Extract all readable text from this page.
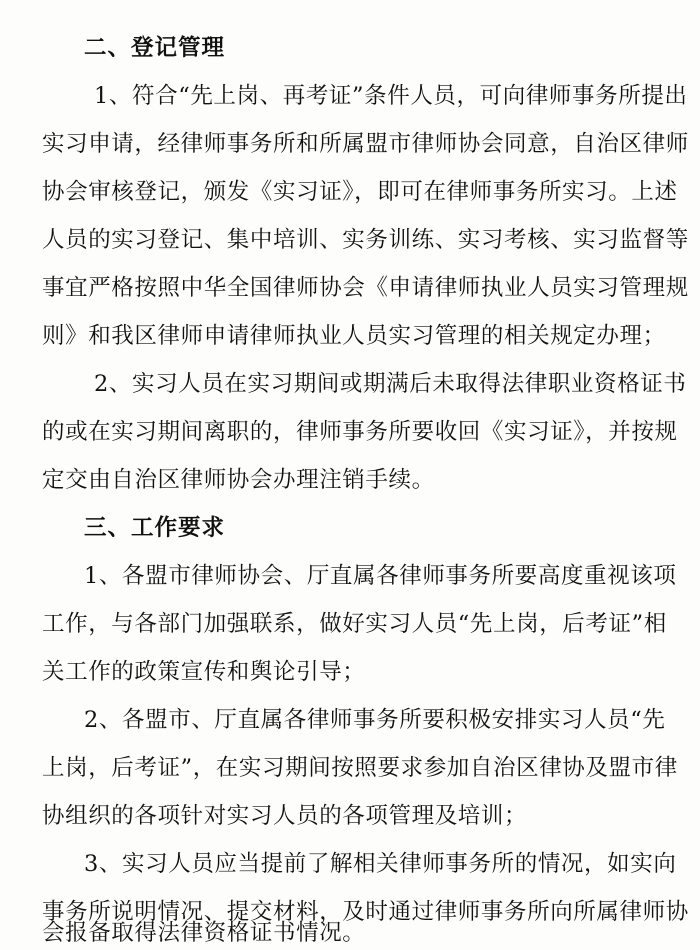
二、登记管理
1、符合“先上岗、再考证”条件人员，可向律师事务所提出
实习申请，经律师事务所和所属盟市律师协会同意，自治区律师
协会审核登记，颁发《实习证》，即可在律师事务所实习。上述
人员的实习登记、集中培训、实务训练、实习考核、实习监督等
事宜严格按照中华全国律师协会《申请律师执业人员实习管理规
则》和我区律师申请律师执业人员实习管理的相关规定办理；
2、实习人员在实习期间或期满后未取得法律职业资格证书
的或在实习期间离职的，律师事务所要收回《实习证》，并按规
定交由自治区律师协会办理注销手续。
三、工作要求
1、各盟市律师协会、厅直属各律师事务所要高度重视该项
工作，与各部门加强联系，做好实习人员“先上岗，后考证”相
关工作的政策宣传和舆论引导；
2、各盟市、厅直属各律师事务所要积极安排实习人员“先
上岗，后考证”，在实习期间按照要求参加自治区律协及盟市律
协组织的各项针对实习人员的各项管理及培训；
3、实习人员应当提前了解相关律师事务所的情况，如实向
事务所说明情况、提交材料，及时通过律师事务所向所属律师协
会报备取得法律资格证书情况。
